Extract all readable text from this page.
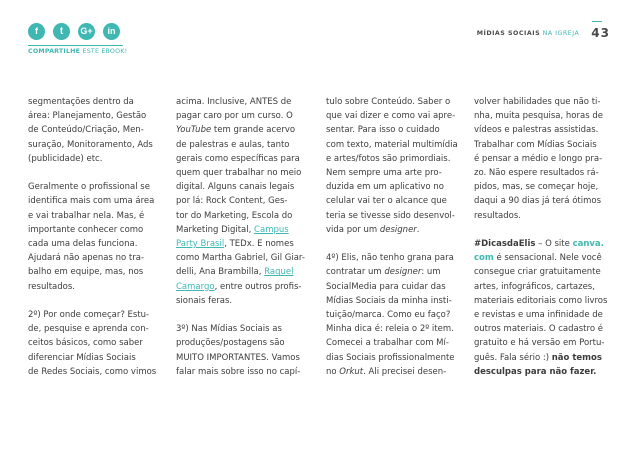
f	t	G+	in
COMPARTILHE ESTE EBOOK!
MÍDIAS SOCIAIS NA IGREJA 43

segmentações dentro da
área: Planejamento, Gestão
de Conteúdo/Criação, Men-
suração, Monitoramento, Ads
(publicidade) etc.

Geralmente o profissional se
identifica mais com uma área
e vai trabalhar nela. Mas, é
importante conhecer como
cada uma delas funciona.
Ajudará não apenas no tra-
balho em equipe, mas, nos
resultados.

2º) Por onde começar? Estu-
de, pesquise e aprenda con-
ceitos básicos, como saber
diferenciar Mídias Sociais
de Redes Sociais, como vimos

acima. Inclusive, ANTES de
pagar caro por um curso. O
YouTube tem grande acervo
de palestras e aulas, tanto
gerais como específicas para
quem quer trabalhar no meio
digital. Alguns canais legais
por lá: Rock Content, Ges-
tor do Marketing, Escola do
Marketing Digital, Campus
Party Brasil, TEDx. E nomes
como Martha Gabriel, Gil Giar-
delli, Ana Brambilla, Raquel
Camargo, entre outros profis-
sionais feras.

3º) Nas Mídias Sociais as
produções/postagens são
MUITO IMPORTANTES. Vamos
falar mais sobre isso no capí-

tulo sobre Conteúdo. Saber o
que vai dizer e como vai apre-
sentar. Para isso o cuidado
com texto, material multimídia
e artes/fotos são primordiais.
Nem sempre uma arte pro-
duzida em um aplicativo no
celular vai ter o alcance que
teria se tivesse sido desenvol-
vida por um designer.

4º) Elis, não tenho grana para
contratar um designer: um
SocialMedia para cuidar das
Mídias Sociais da minha insti-
tuição/marca. Como eu faço?
Minha dica é: releia o 2º item.
Comecei a trabalhar com Mí-
dias Sociais profissionalmente
no Orkut. Ali precisei desen-

volver habilidades que não ti-
nha, muita pesquisa, horas de
vídeos e palestras assistidas.
Trabalhar com Mídias Sociais
é pensar a médio e longo pra-
zo. Não espere resultados rá-
pidos, mas, se começar hoje,
daqui a 90 dias já terá ótimos
resultados.

#DicasdaElis – O site canva.
com é sensacional. Nele você
consegue criar gratuitamente
artes, infográficos, cartazes,
materiais editoriais como livros
e revistas e uma infinidade de
outros materiais. O cadastro é
gratuito e há versão em Portu-
guês. Fala sério :) não temos
desculpas para não fazer.
